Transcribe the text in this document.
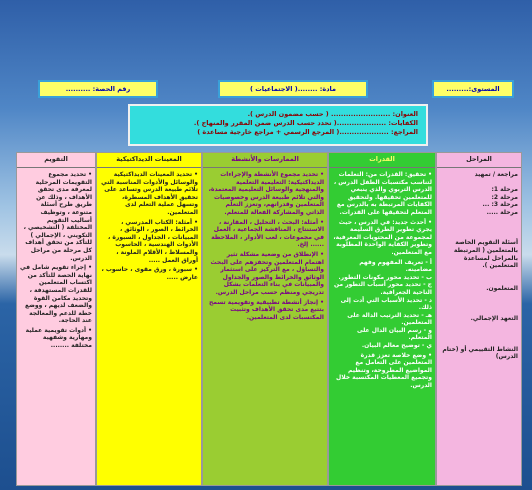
المستوى:.........
مادة: ........( الاجتماعيات )
رقم الحصة: ..........
العنوان: ........................ ( حسب مضمون الدرس ).
الكفايات: ....................( تحدد حسب الدرس ضمن المقرر والمنهاج ).
المراجع: ....................( المرجع الرسمي + مراجع خارجية مساعدة )
المراحل

مراجعة / تمهيد

مرحلة 1:
مرحلة 2:
مرحلة 3: ...
مرحلة .....

أسئلة التقويم الخاصة بالمتعلمين ( المرتبطة بالمراحل لمساعدة المتعلمين ).

المتعلمون.

التعهد الإجمالي.

النشاط التقييمي أو (ختام الدرس)

القدرات

• تحقيق: القدرات من: التعلمات لتناسب مكتسبات الطفل الدرس ، الدرس التربوي والذي ينبغي للمتعلمين تحقيقها. ولتحقيق الكفايات المرتبطة به بالدرس مع المتعلم لتحقيقها على القدرات.

• أحدث جديد: في الدرس ، حيث يجري تطوير الطرق السليمة لمجموعة من المحتويات المعرفية، وتطوير الكفاية الواحدة المطلوبة مع المتعلمين.

أ - تعريف المفهوم وفهم مضامينه.
ب - تحديد محور مكونات التطور.
ج - تحديد محور أسباب التطور من الناحية الجغرافية.
د - تحديد الأسباب التي أدت إلى ذلك.
هـ - تحديد الترتيب الدالة على المتعلمين.
و - رسم البيان الدال على المتعلم.
ي - توضيح معالم البيان.

• وضع خلاصة تعزز قدرة المتعلمين على التعامل مع المواضيع المطروحة، وتنظيم وتجميع المعطيات المكتسبة خلال الدرس.

الممارسات والأنشطة

• تحديد مجموع الأنشطة والإجراءات الديداكتيكية: التعليمية التعلمية والمنهجية والوسائل التعليمية المعتمدة، والتي تلائم طبيعة الدرس وخصوصيات المتعلمين وقدراتهم، وتعزز التعلم الذاتي والمشاركة الفعالة للمتعلم.

• أمثلة: البحث ، التحليل ، المقارنة ، الاستنتاج ، المناقشة الجماعية ، العمل في مجموعات ، لعب الأدوار ، الملاحظة ...... إلخ.

• الإنطلاق من وضعية مشكلة تثير اهتمام المتعلمين وتحفزهم على البحث والتساؤل ، مع التركيز على استثمار الوثائق والخرائط والصور والجداول والمبيانات في بناء التعلمات بشكل تدريجي ومنظم حسب مراحل الدرس.

• إنجاز أنشطة تطبيقية وتقويمية تسمح بتتبع مدى تحقق الأهداف وتثبيت المكتسبات لدى المتعلمين.

المعينات الديداكتيكية

• تحديد المعينات الديداكتيكية والوسائل والأدوات المناسبة التي تلائم طبيعة الدرس وتساعد على تحقيق الأهداف المسطرة، وتسهل عملية التعلم لدى المتعلمين.

• أمثلة: الكتاب المدرسي ، الخرائط ، الصور ، الوثائق ، المبيانات ، الجداول ، السبورة ، الأدوات الهندسية ، الحاسوب والمسلاط ، الأقلام الملونة ، أوراق العمل .....

• سبورة ، ورق مقوى ، حاسوب ، عارض .....

التقويم

• تحديد مجموع التقويمات المرحلية لمعرفة مدى تحقق الأهداف ، وذلك عن طريق طرح أسئلة متنوعة ، وتوظيف أساليب التقويم المختلفة ( التشخيصي ، التكويني ، الإجمالي ) للتأكد من تحقق أهداف كل مرحلة من مراحل الدرس.

• إجراء تقويم شامل في نهاية الحصة للتأكد من اكتساب المتعلمين للقدرات المستهدفة ، وتحديد مكامن القوة والضعف لديهم ، ووضع خطة للدعم والمعالجة عند الحاجة.

• أدوات تقويمية عملية ومهارية وشفهية مختلفة ........
